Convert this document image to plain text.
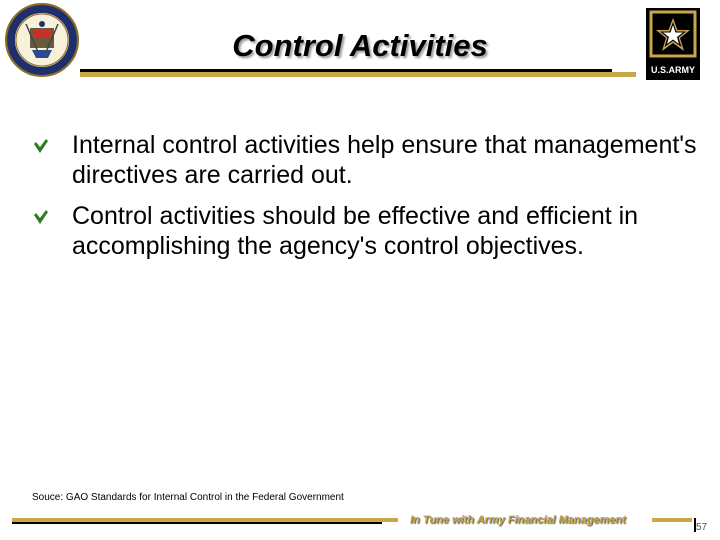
U.S.ARMY
Control Activities
Internal control activities help ensure that management's directives are carried out.
Control activities should be effective and efficient in accomplishing the agency's control objectives.
Souce: GAO Standards for Internal Control in the Federal Government
In Tune with Army Financial Management
57
